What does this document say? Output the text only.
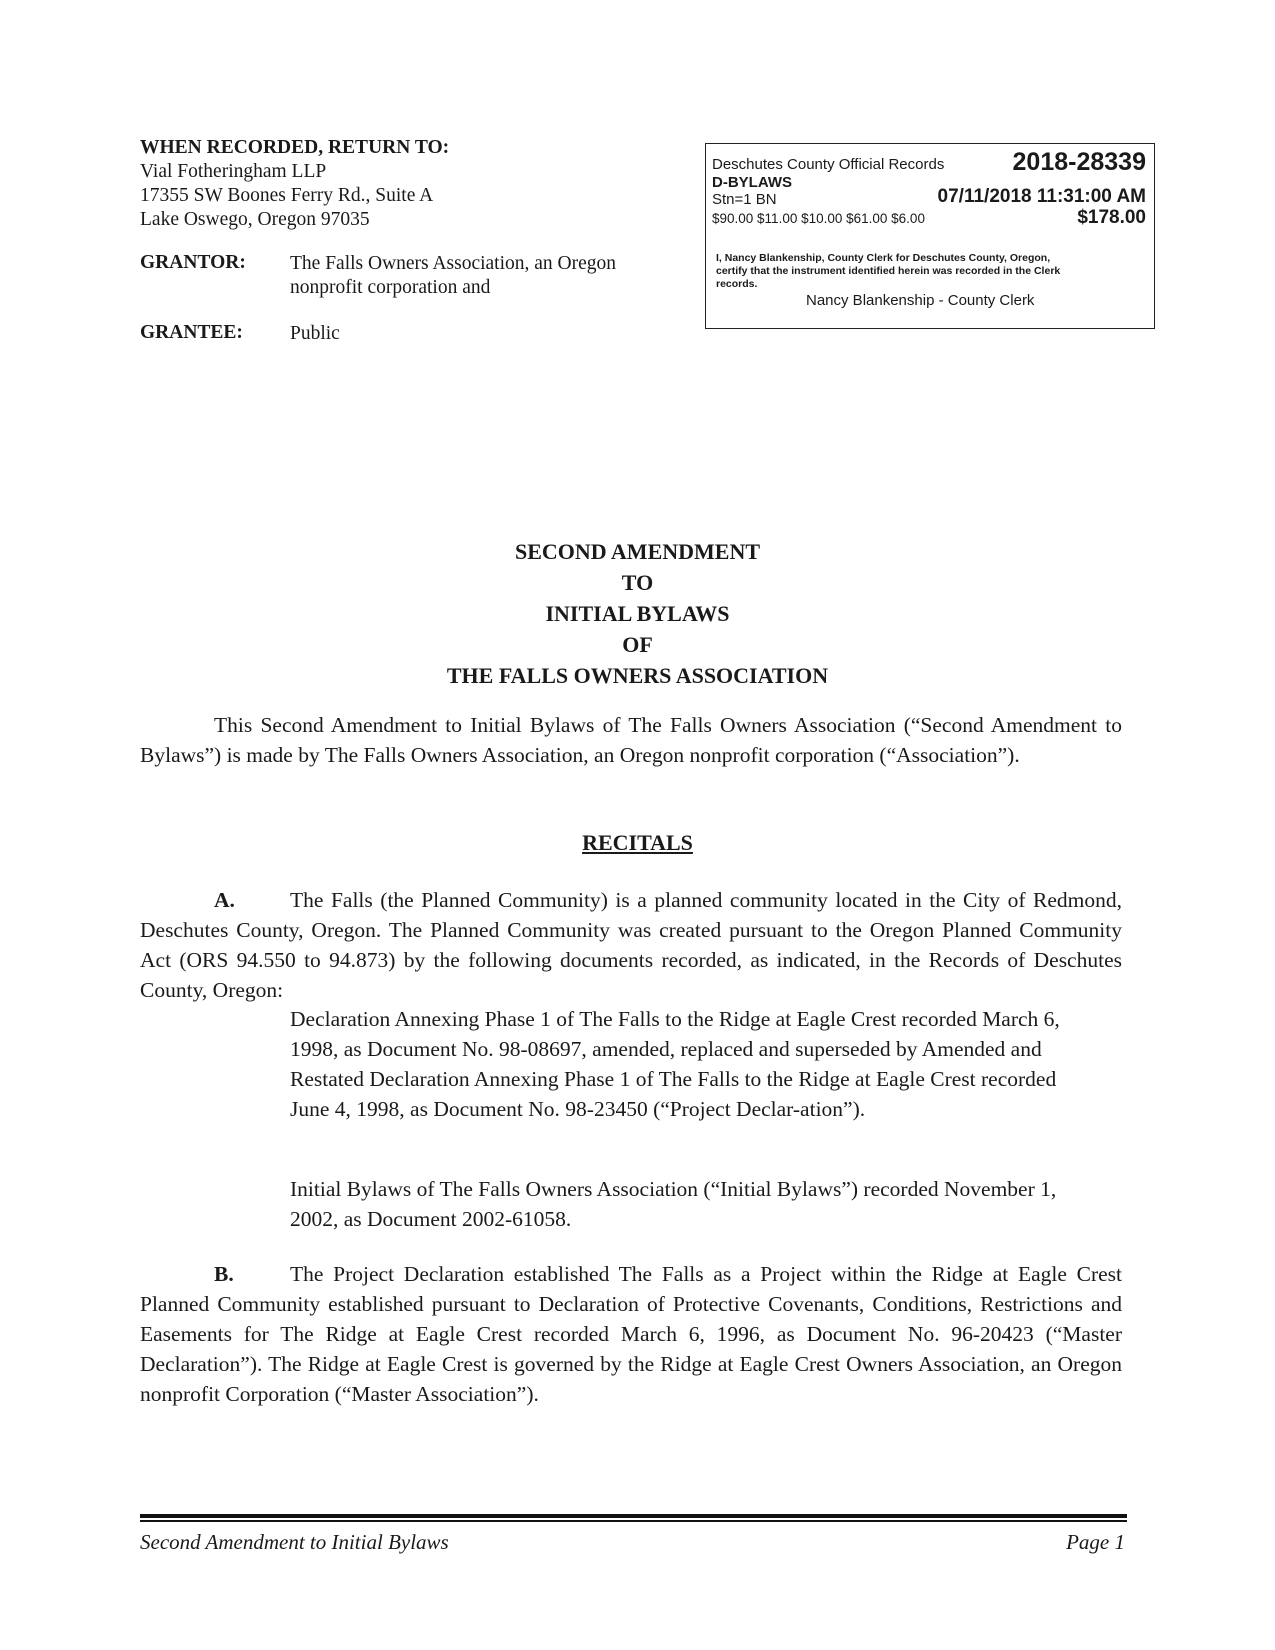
WHEN RECORDED, RETURN TO:
Vial Fotheringham LLP
17355 SW Boones Ferry Rd., Suite A
Lake Oswego, Oregon 97035
GRANTOR: The Falls Owners Association, an Oregon
nonprofit corporation and
GRANTEE: Public
Deschutes County Official Records	2018-28339
D-BYLAWS
Stn=1 BN	07/11/2018 11:31:00 AM
$90.00 $11.00 $10.00 $61.00 $6.00	$178.00
I, Nancy Blankenship, County Clerk for Deschutes County, Oregon,
certify that the instrument identified herein was recorded in the Clerk
records.
Nancy Blankenship - County Clerk
SECOND AMENDMENT
TO
INITIAL BYLAWS
OF
THE FALLS OWNERS ASSOCIATION
This Second Amendment to Initial Bylaws of The Falls Owners Association (“Second Amendment to Bylaws”) is made by The Falls Owners Association, an Oregon nonprofit corporation (“Association”).
RECITALS
A.	The Falls (the Planned Community) is a planned community located in the City of Redmond, Deschutes County, Oregon. The Planned Community was created pursuant to the Oregon Planned Community Act (ORS 94.550 to 94.873) by the following documents recorded, as indicated, in the Records of Deschutes County, Oregon:
Declaration Annexing Phase 1 of The Falls to the Ridge at Eagle Crest recorded March 6, 1998, as Document No. 98-08697, amended, replaced and superseded by Amended and Restated Declaration Annexing Phase 1 of The Falls to the Ridge at Eagle Crest recorded June 4, 1998, as Document No. 98-23450 (“Project Declar-ation”).
Initial Bylaws of The Falls Owners Association (“Initial Bylaws”) recorded November 1, 2002, as Document 2002-61058.
B.	The Project Declaration established The Falls as a Project within the Ridge at Eagle Crest Planned Community established pursuant to Declaration of Protective Covenants, Conditions, Restrictions and Easements for The Ridge at Eagle Crest recorded March 6, 1996, as Document No. 96-20423 (“Master Declaration”). The Ridge at Eagle Crest is governed by the Ridge at Eagle Crest Owners Association, an Oregon nonprofit Corporation (“Master Association”).
Second Amendment to Initial Bylaws	Page 1
